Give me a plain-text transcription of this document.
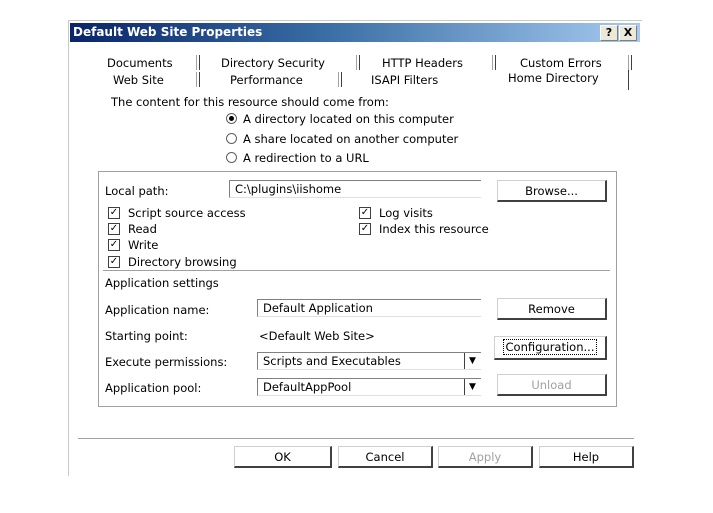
Default Web Site Properties	?	X
Documents	Directory Security	HTTP Headers	Custom Errors
Web Site	Performance	ISAPI Filters	Home Directory
The content for this resource should come from:
A directory located on this computer
A share located on another computer
A redirection to a URL
Local path:	C:\plugins\iishome	Browse...
✓ Script source access
✓ Read
✓ Write
✓ Directory browsing
✓ Log visits
✓ Index this resource
Application settings
Application name:	Default Application	Remove
Starting point:	<Default Web Site>
Configuration...
Execute permissions:	Scripts and Executables	▼
Application pool:	DefaultAppPool	▼	Unload
OK	Cancel	Apply	Help
